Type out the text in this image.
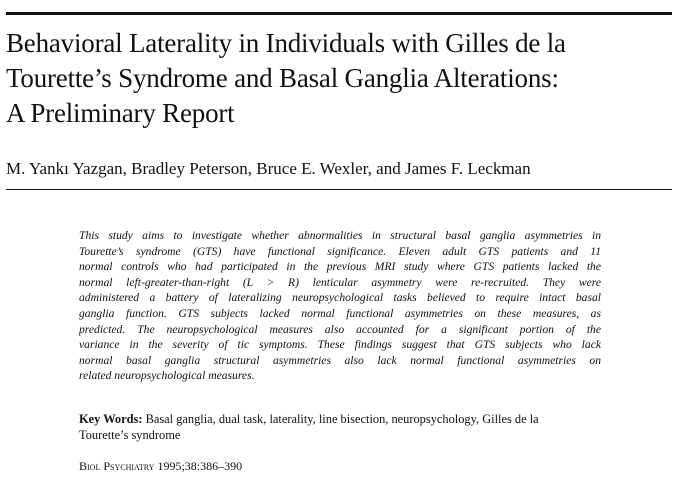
Behavioral Laterality in Individuals with Gilles de la
Tourette’s Syndrome and Basal Ganglia Alterations:
A Preliminary Report
M. Yankı Yazgan, Bradley Peterson, Bruce E. Wexler, and James F. Leckman
This study aims to investigate whether abnormalities in structural basal ganglia asymmetries in
Tourette’s syndrome (GTS) have functional significance. Eleven adult GTS patients and 11
normal controls who had participated in the previous MRI study where GTS patients lacked the
normal left-greater-than-right (L > R) lenticular asymmetry were re-recruited. They were
administered a battery of lateralizing neuropsychological tasks believed to require intact basal
ganglia function. GTS subjects lacked normal functional asymmetries on these measures, as
predicted. The neuropsychological measures also accounted for a significant portion of the
variance in the severity of tic symptoms. These findings suggest that GTS subjects who lack
normal basal ganglia structural asymmetries also lack normal functional asymmetries on
related neuropsychological measures.
Key Words: Basal ganglia, dual task, laterality, line bisection, neuropsychology, Gilles de la
Tourette’s syndrome
Biol Psychiatry 1995;38:386–390
